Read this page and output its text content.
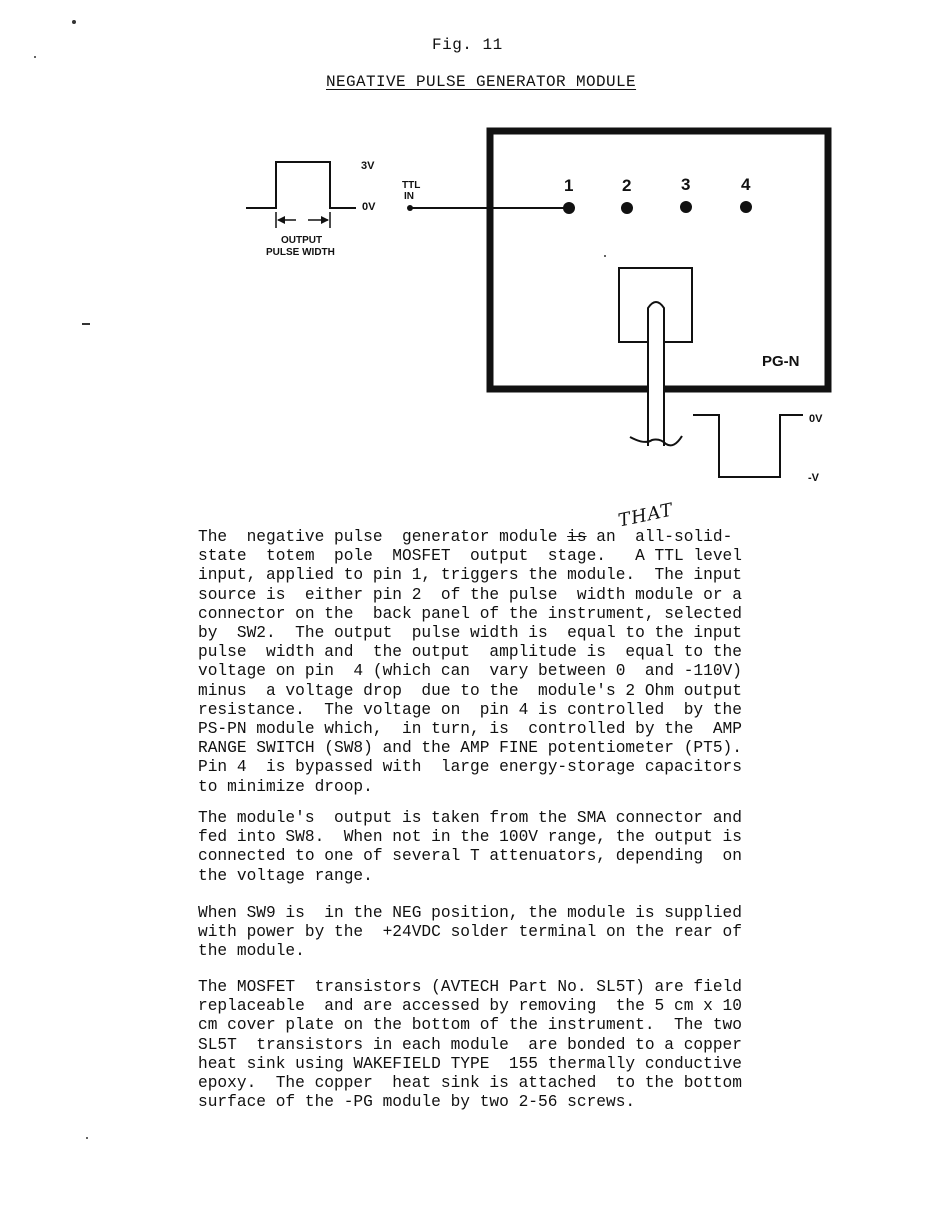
Fig. 11
NEGATIVE PULSE GENERATOR MODULE
3V
0V
TTL
IN
OUTPUT
PULSE WIDTH
1	2	3	4
PG-N
0V
-V
THAT

The  negative pulse  generator module is an  all-solid-
state  totem  pole  MOSFET  output  stage.   A TTL level
input, applied to pin 1, triggers the module.  The input
source is  either pin 2  of the pulse  width module or a
connector on the  back panel of the instrument, selected
by  SW2.  The output  pulse width is  equal to the input
pulse  width and  the output  amplitude is  equal to the
voltage on pin  4 (which can  vary between 0  and -110V)
minus  a voltage drop  due to the  module's 2 Ohm output
resistance.  The voltage on  pin 4 is controlled  by the
PS-PN module which,  in turn, is  controlled by the  AMP
RANGE SWITCH (SW8) and the AMP FINE potentiometer (PT5).
Pin 4  is bypassed with  large energy-storage capacitors
to minimize droop.

The module's  output is taken from the SMA connector and
fed into SW8.  When not in the 100V range, the output is
connected to one of several T attenuators, depending  on
the voltage range.

When SW9 is  in the NEG position, the module is supplied
with power by the  +24VDC solder terminal on the rear of
the module.

The MOSFET  transistors (AVTECH Part No. SL5T) are field
replaceable  and are accessed by removing  the 5 cm x 10
cm cover plate on the bottom of the instrument.  The two
SL5T  transistors in each module  are bonded to a copper
heat sink using WAKEFIELD TYPE  155 thermally conductive
epoxy.  The copper  heat sink is attached  to the bottom
surface of the -PG module by two 2-56 screws.
